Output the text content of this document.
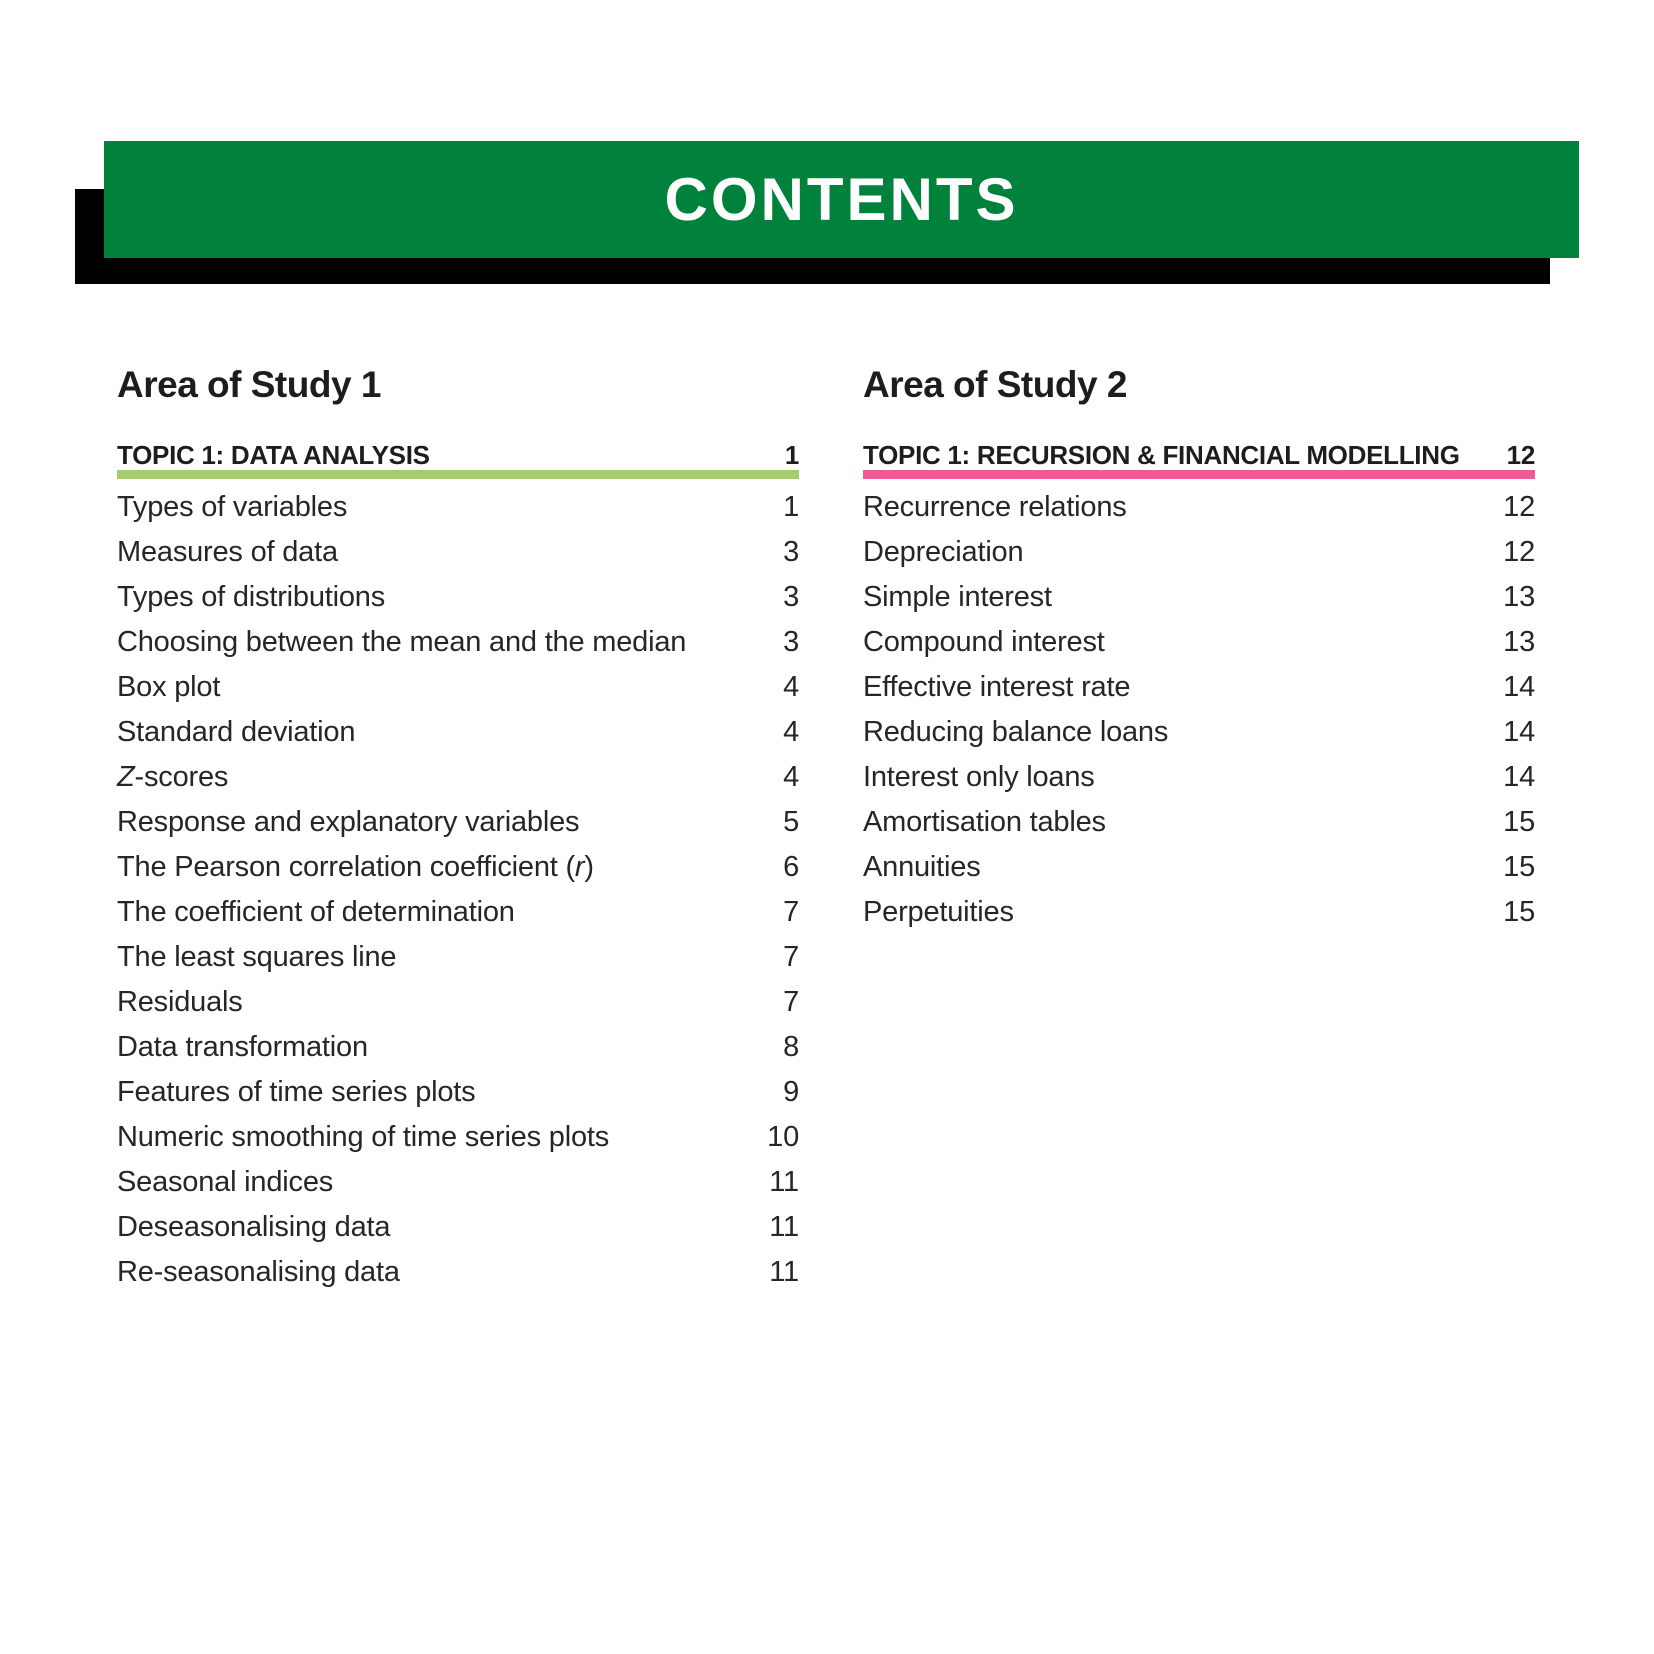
CONTENTS
Area of Study 1
TOPIC 1: DATA ANALYSIS	1
Types of variables	1
Measures of data	3
Types of distributions	3
Choosing between the mean and the median	3
Box plot	4
Standard deviation	4
Z-scores	4
Response and explanatory variables	5
The Pearson correlation coefficient (r)	6
The coefficient of determination	7
The least squares line	7
Residuals	7
Data transformation	8
Features of time series plots	9
Numeric smoothing of time series plots	10
Seasonal indices	11
Deseasonalising data	11
Re-seasonalising data	11
Area of Study 2
TOPIC 1: RECURSION & FINANCIAL MODELLING 12
Recurrence relations	12
Depreciation	12
Simple interest	13
Compound interest	13
Effective interest rate	14
Reducing balance loans	14
Interest only loans	14
Amortisation tables	15
Annuities	15
Perpetuities	15
